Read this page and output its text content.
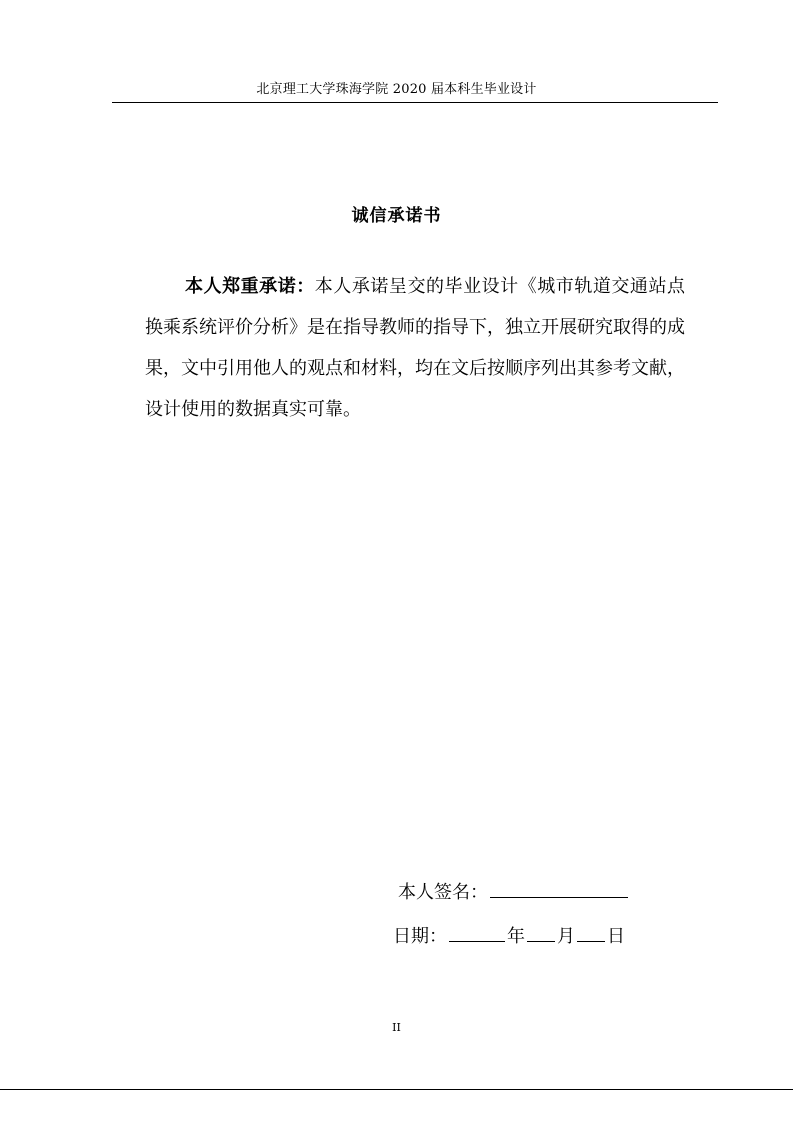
北京理工大学珠海学院 2020 届本科生毕业设计
诚信承诺书

本人郑重承诺：本人承诺呈交的毕业设计《城市轨道交通站点换乘系统评价分析》是在指导教师的指导下，独立开展研究取得的成果，文中引用他人的观点和材料，均在文后按顺序列出其参考文献，设计使用的数据真实可靠。

本人签名：
日期：	年 月 日
II
